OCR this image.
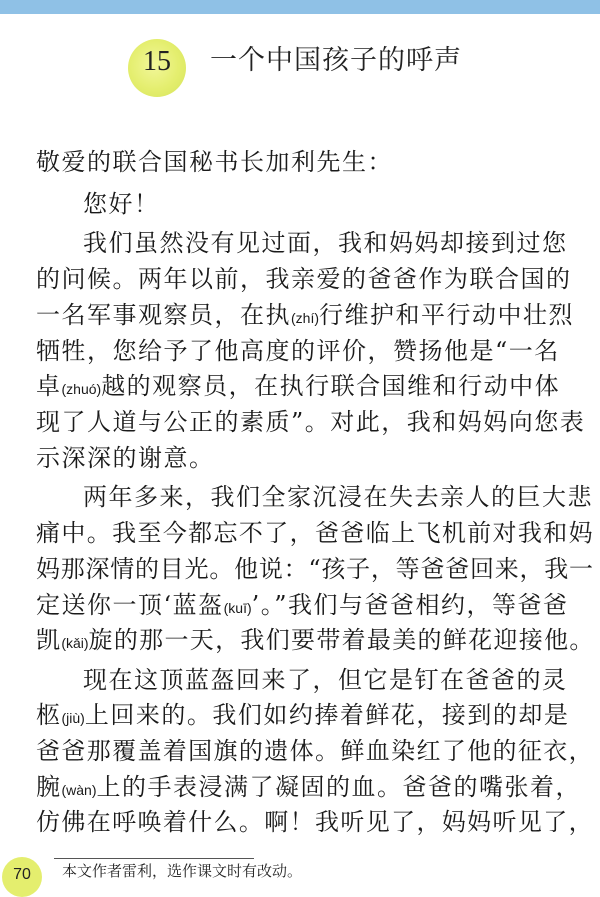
15	一个中国孩子的呼声
敬爱的联合国秘书长加利先生：
您好！
我们虽然没有见过面，我和妈妈却接到过您
的问候。两年以前，我亲爱的爸爸作为联合国的
一名军事观察员，在执(zhí)行维护和平行动中壮烈
牺牲，您给予了他高度的评价，赞扬他是“一名
卓(zhuó)越的观察员，在执行联合国维和行动中体
现了人道与公正的素质”。对此，我和妈妈向您表
示深深的谢意。
两年多来，我们全家沉浸在失去亲人的巨大悲
痛中。我至今都忘不了，爸爸临上飞机前对我和妈
妈那深情的目光。他说：“孩子，等爸爸回来，我一
定送你一顶‘蓝盔(kuī)’。”我们与爸爸相约，等爸爸
凯(kǎi)旋的那一天，我们要带着最美的鲜花迎接他。
现在这顶蓝盔回来了，但它是钉在爸爸的灵
柩(jiù)上回来的。我们如约捧着鲜花，接到的却是
爸爸那覆盖着国旗的遗体。鲜血染红了他的征衣，
腕(wàn)上的手表浸满了凝固的血。爸爸的嘴张着，
仿佛在呼唤着什么。啊！我听见了，妈妈听见了，
70	本文作者雷利，选作课文时有改动。
